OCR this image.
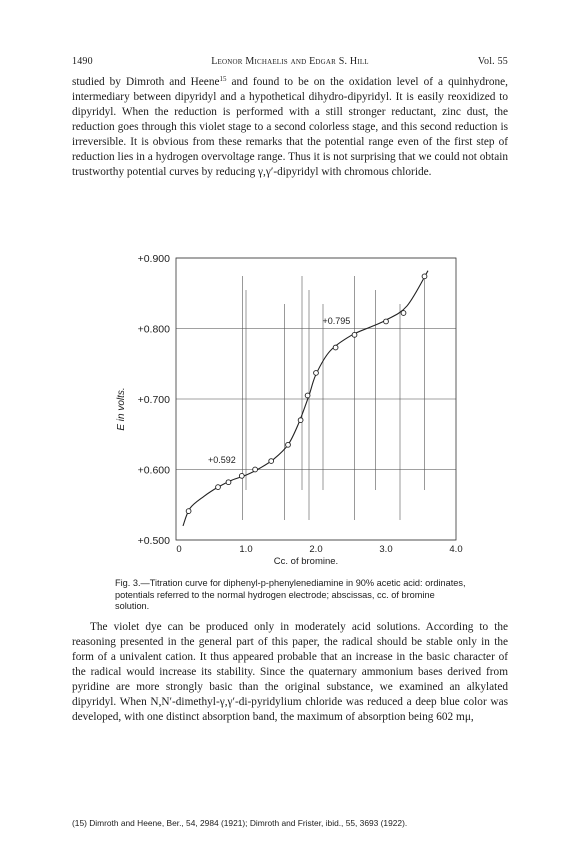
1490	Leonor Michaelis and Edgar S. Hill	Vol. 55

studied by Dimroth and Heene$^{15}$ and found to be on the oxidation level of a quinhydrone, intermediary between dipyridyl and a hypothetical dihydro-dipyridyl. It is easily reoxidized to dipyridyl. When the reduction is performed with a still stronger reductant, zinc dust, the reduction goes through this violet stage to a second colorless stage, and this second reduction is irreversible. It is obvious from these remarks that the potential range even of the first step of reduction lies in a hydrogen overvoltage range. Thus it is not surprising that we could not obtain trustworthy potential curves by reducing γ,γ′-dipyridyl with chromous chloride.

+0.500
+0.600
+0.700
+0.800
+0.900
0	1.0	2.0	3.0	4.0
Cc. of bromine.
E in volts.
+0.592
+0.795
Fig. 3.—Titration curve for diphenyl-p-phenylenediamine in 90% acetic acid: ordinates, potentials referred to the normal hydrogen electrode; abscissas, cc. of bromine solution.

The violet dye can be produced only in moderately acid solutions. According to the reasoning presented in the general part of this paper, the radical should be stable only in the form of a univalent cation. It thus appeared probable that an increase in the basic character of the radical would increase its stability. Since the quaternary ammonium bases derived from pyridine are more strongly basic than the original substance, we examined an alkylated dipyridyl. When N,N′-dimethyl-γ,γ′-di-pyridylium chloride was reduced a deep blue color was developed, with one distinct absorption band, the maximum of absorption being 602 mμ,

(15) Dimroth and Heene, Ber., 54, 2984 (1921); Dimroth and Frister, ibid., 55, 3693 (1922).
